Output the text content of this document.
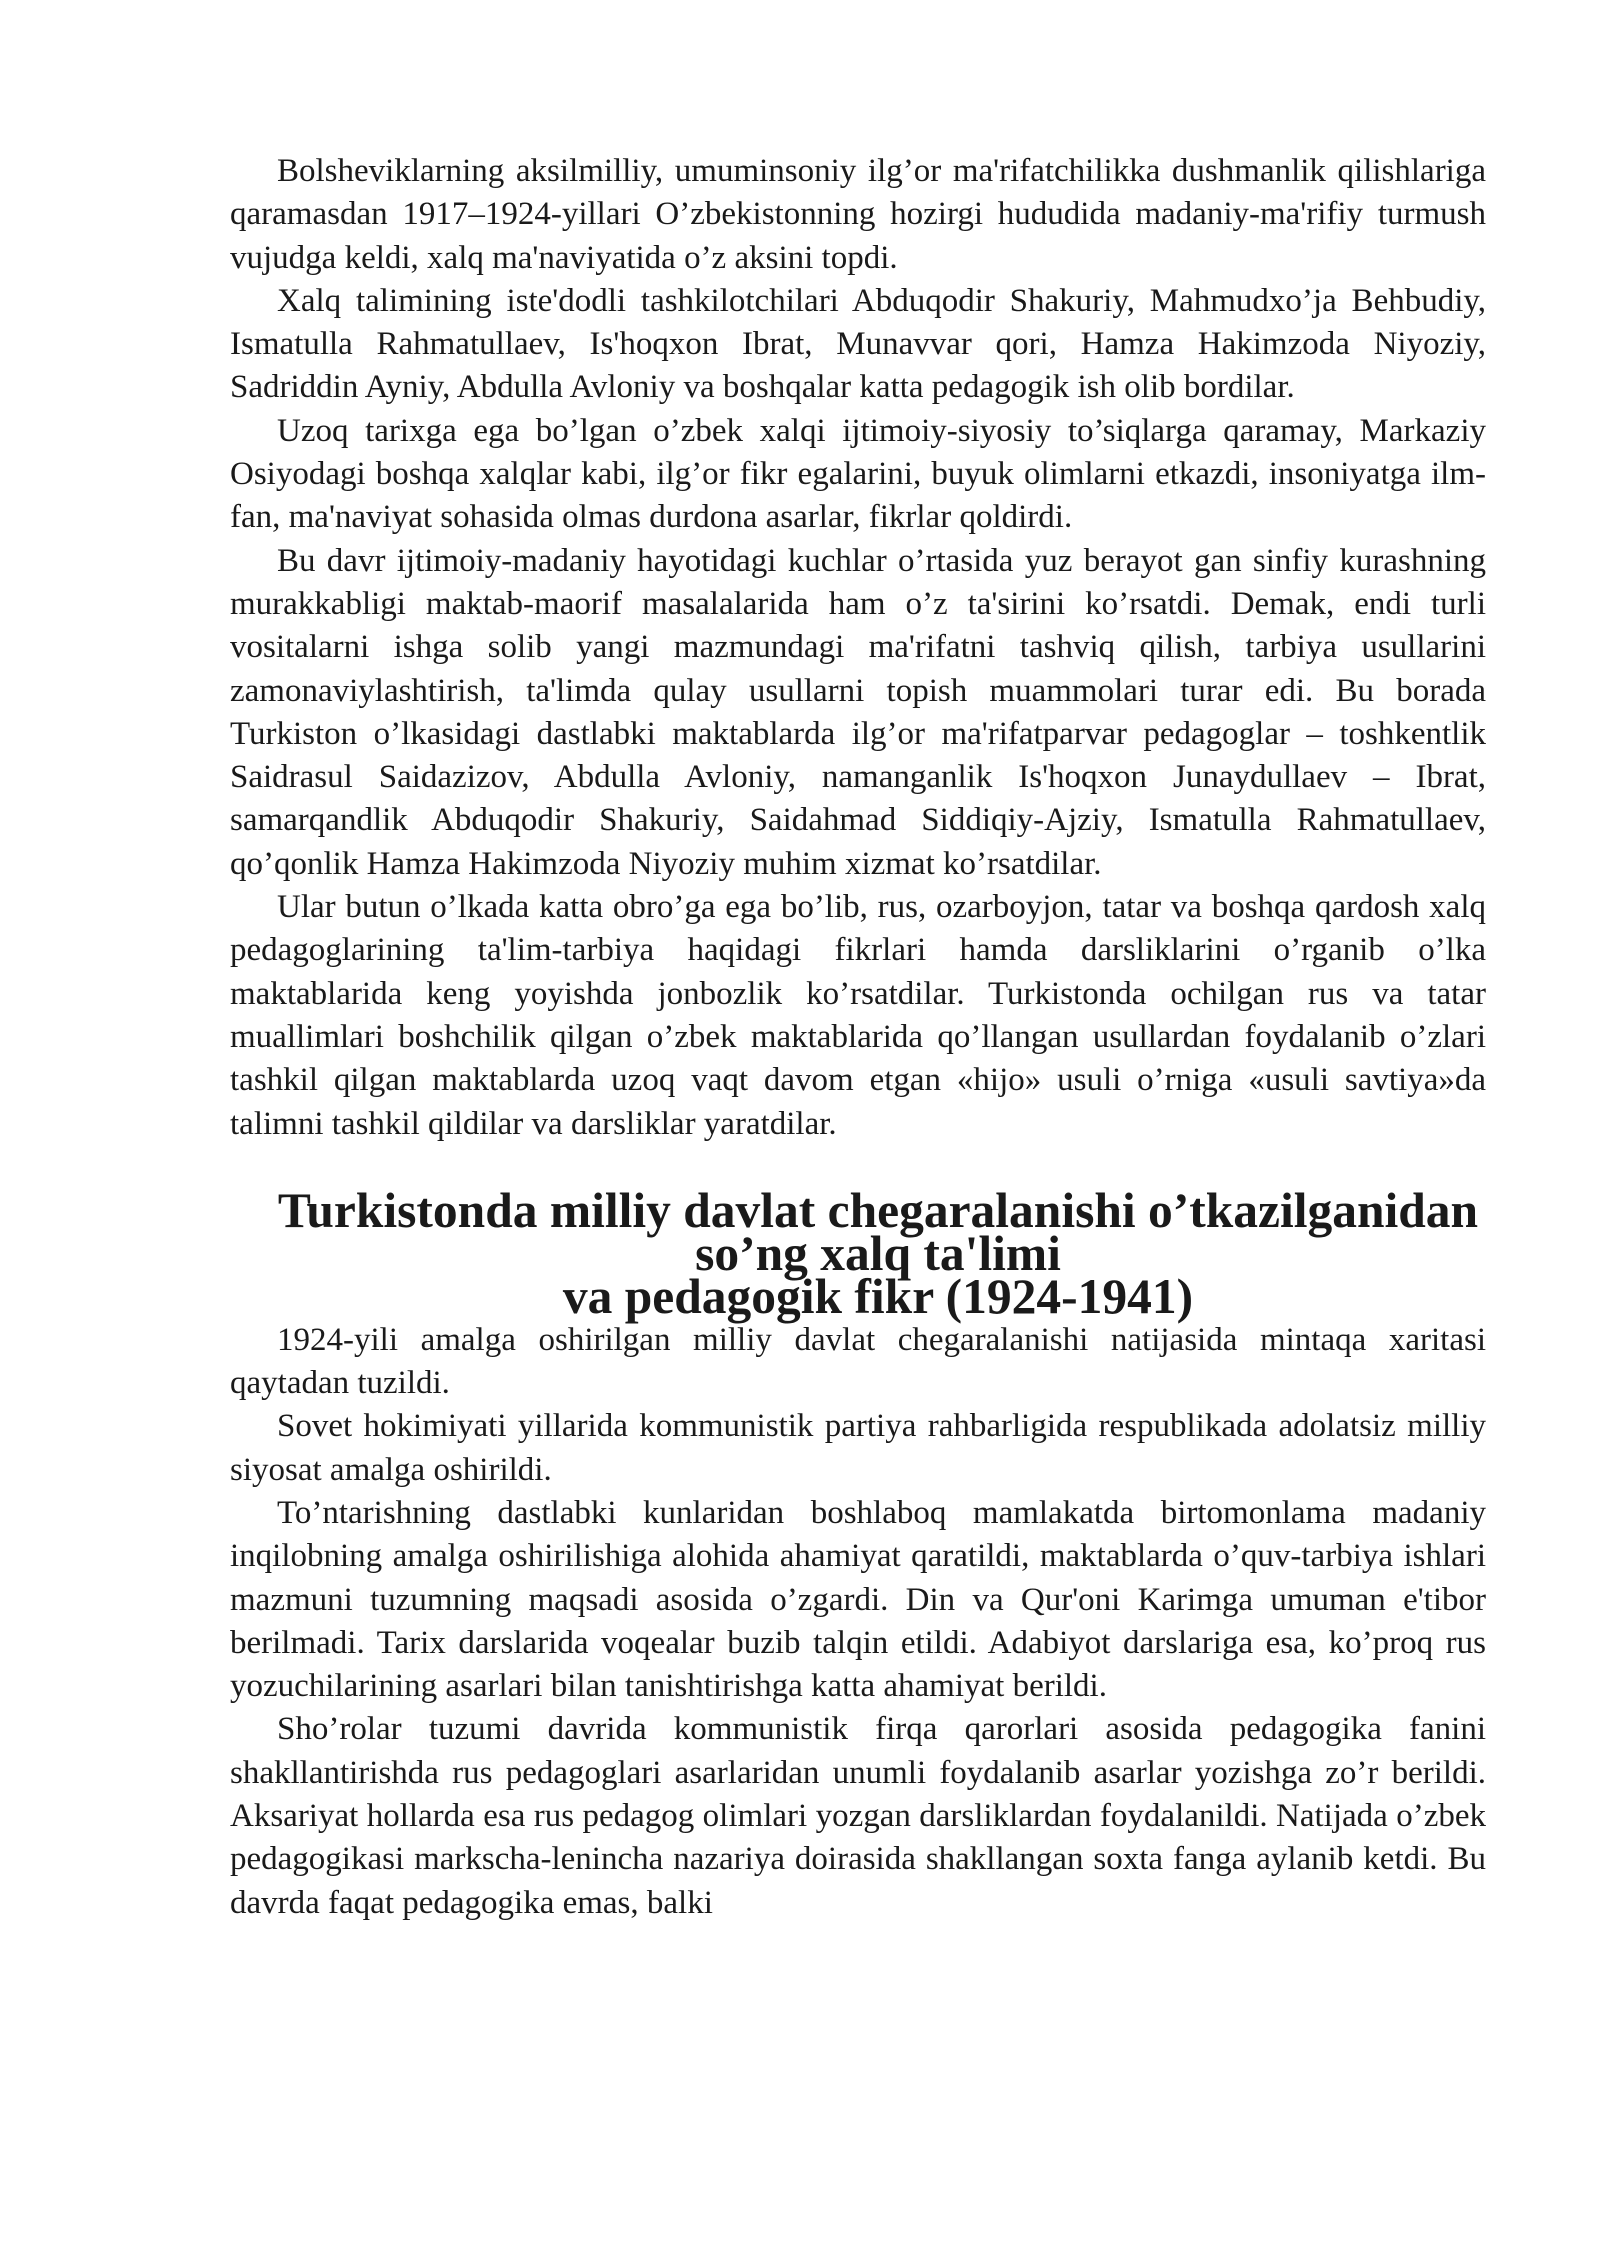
Bolsheviklarning aksilmilliy, umuminsoniy ilg’or ma'rifatchilikka dushmanlik qilishlariga qaramasdan 1917–1924-yillari O’zbekistonning hozirgi hududida madaniy-ma'rifiy turmush vujudga keldi, xalq ma'naviyatida o’z aksini topdi.

Xalq talimining iste'dodli tashkilotchilari Abduqodir Shakuriy, Mahmudxo’ja Behbudiy, Ismatulla Rahmatullaev, Is'hoqxon Ibrat, Munavvar qori, Hamza Hakimzoda Niyoziy, Sadriddin Ayniy, Abdulla Avloniy va boshqalar katta pedagogik ish olib bordilar.

Uzoq tarixga ega bo’lgan o’zbek xalqi ijtimoiy-siyosiy to’siqlarga qaramay, Markaziy Osiyodagi boshqa xalqlar kabi, ilg’or fikr egalarini, buyuk olimlarni etkazdi, insoniyatga ilm-fan, ma'naviyat sohasida olmas durdona asarlar, fikrlar qoldirdi.

Bu davr ijtimoiy-madaniy hayotidagi kuchlar o’rtasida yuz berayot gan sinfiy kurashning murakkabligi maktab-maorif masalalarida ham o’z ta'sirini ko’rsatdi. Demak, endi turli vositalarni ishga solib yangi mazmundagi ma'rifatni tashviq qilish, tarbiya usullarini zamonaviylashtirish, ta'limda qulay usullarni topish muammolari turar edi. Bu borada Turkiston o’lkasidagi dastlabki maktablarda ilg’or ma'rifatparvar pedagoglar – toshkentlik Saidrasul Saidazizov, Abdulla Avloniy, namanganlik Is'hoqxon Junaydullaev – Ibrat, samarqandlik Abduqodir Shakuriy, Saidahmad Siddiqiy-Ajziy, Ismatulla Rahmatullaev, qo’qonlik Hamza Hakimzoda Niyoziy muhim xizmat ko’rsatdilar.

Ular butun o’lkada katta obro’ga ega bo’lib, rus, ozarboyjon, tatar va boshqa qardosh xalq pedagoglarining ta'lim-tarbiya haqidagi fikrlari hamda darsliklarini o’rganib o’lka maktablarida keng yoyishda jonbozlik ko’rsatdilar. Turkistonda ochilgan rus va tatar muallimlari boshchilik qilgan o’zbek maktablarida qo’llangan usullardan foydalanib o’zlari tashkil qilgan maktablarda uzoq vaqt davom etgan «hijo» usuli o’rniga «usuli savtiya»da talimni tashkil qildilar va darsliklar yaratdilar.

Turkistonda milliy davlat chegaralanishi o’tkazilganidan so’ng xalq ta'limi
va pedagogik fikr (1924-1941)

1924-yili amalga oshirilgan milliy davlat chegaralanishi natijasida mintaqa xaritasi qaytadan tuzildi.

Sovet hokimiyati yillarida kommunistik partiya rahbarligida respublikada adolatsiz milliy siyosat amalga oshirildi.

To’ntarishning dastlabki kunlaridan boshlaboq mamlakatda birtomonlama madaniy inqilobning amalga oshirilishiga alohida ahamiyat qaratildi, maktablarda o’quv-tarbiya ishlari mazmuni tuzumning maqsadi asosida o’zgardi. Din va Qur'oni Karimga umuman e'tibor berilmadi. Tarix darslarida voqealar buzib talqin etildi. Adabiyot darslariga esa, ko’proq rus yozuchilarining asarlari bilan tanishtirishga katta ahamiyat berildi.

Sho’rolar tuzumi davrida kommunistik firqa qarorlari asosida pedagogika fanini shakllantirishda rus pedagoglari asarlaridan unumli foydalanib asarlar yozishga zo’r berildi. Aksariyat hollarda esa rus pedagog olimlari yozgan darsliklardan foydalanildi. Natijada o’zbek pedagogikasi markscha-lenincha nazariya doirasida shakllangan soxta fanga aylanib ketdi. Bu davrda faqat pedagogika emas, balki
